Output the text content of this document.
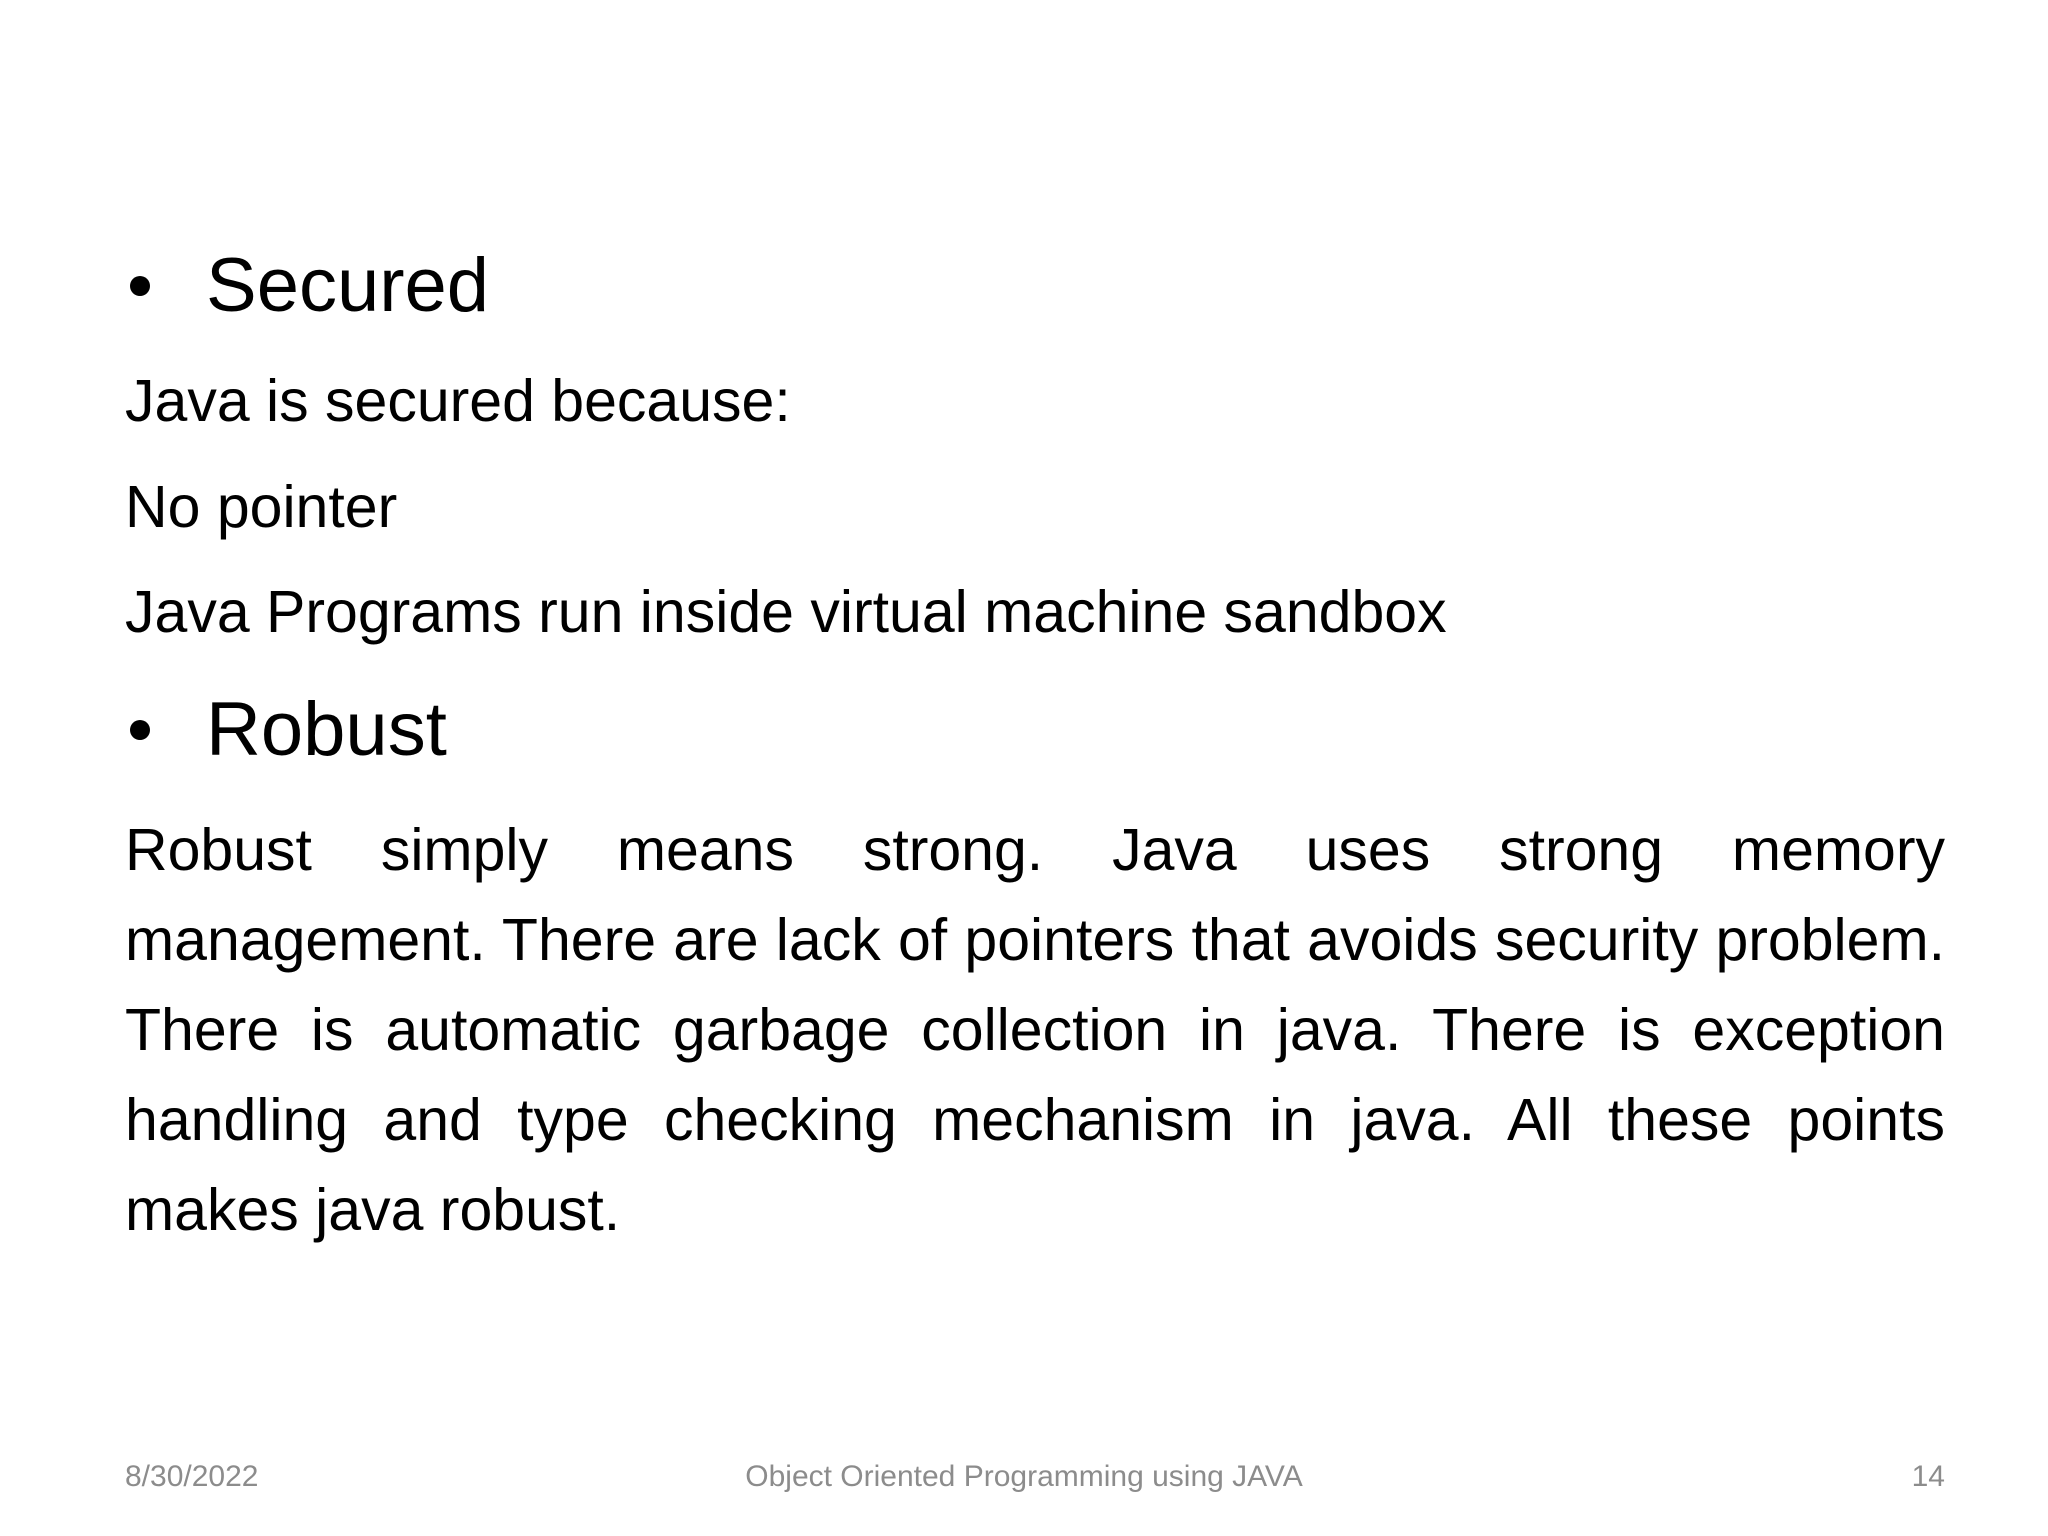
Secured
Java is secured because:
No pointer
Java Programs run inside virtual machine sandbox
Robust
Robust simply means strong. Java uses strong memory management. There are lack of pointers that avoids security problem. There is automatic garbage collection in java. There is exception handling and type checking mechanism in java. All these points makes java robust.
8/30/2022	Object Oriented Programming using JAVA	14
